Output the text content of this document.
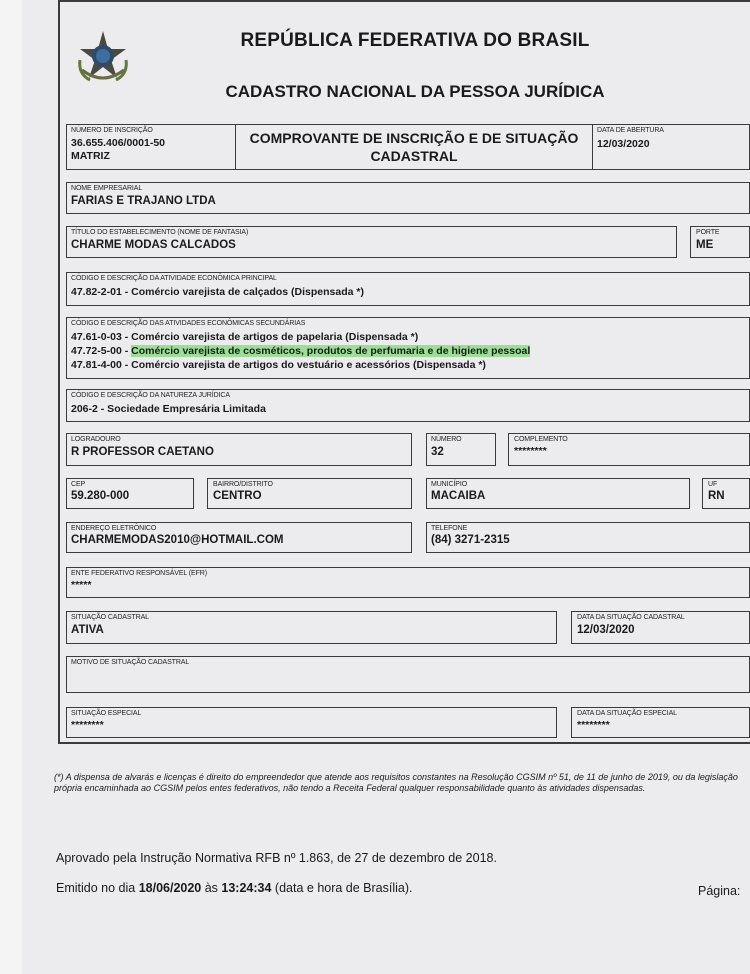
REPÚBLICA FEDERATIVA DO BRASIL
CADASTRO NACIONAL DA PESSOA JURÍDICA
NÚMERO DE INSCRIÇÃO
36.655.406/0001-50
MATRIZ
COMPROVANTE DE INSCRIÇÃO E DE SITUAÇÃO
CADASTRAL
DATA DE ABERTURA
12/03/2020
NOME EMPRESARIAL
FARIAS E TRAJANO LTDA
TÍTULO DO ESTABELECIMENTO (NOME DE FANTASIA)
CHARME MODAS CALCADOS
PORTE
ME
CÓDIGO E DESCRIÇÃO DA ATIVIDADE ECONÔMICA PRINCIPAL
47.82-2-01 - Comércio varejista de calçados (Dispensada *)
CÓDIGO E DESCRIÇÃO DAS ATIVIDADES ECONÔMICAS SECUNDÁRIAS
47.61-0-03 - Comércio varejista de artigos de papelaria (Dispensada *)
47.72-5-00 - Comércio varejista de cosméticos, produtos de perfumaria e de higiene pessoal
47.81-4-00 - Comércio varejista de artigos do vestuário e acessórios (Dispensada *)
CÓDIGO E DESCRIÇÃO DA NATUREZA JURÍDICA
206-2 - Sociedade Empresária Limitada
LOGRADOURO
R PROFESSOR CAETANO
NÚMERO
32
COMPLEMENTO
********
CEP
59.280-000
BAIRRO/DISTRITO
CENTRO
MUNICÍPIO
MACAIBA
UF
RN
ENDEREÇO ELETRÔNICO
CHARMEMODAS2010@HOTMAIL.COM
TELEFONE
(84) 3271-2315
ENTE FEDERATIVO RESPONSÁVEL (EFR)
*****
SITUAÇÃO CADASTRAL
ATIVA
DATA DA SITUAÇÃO CADASTRAL
12/03/2020
MOTIVO DE SITUAÇÃO CADASTRAL
SITUAÇÃO ESPECIAL
********
DATA DA SITUAÇÃO ESPECIAL
********
(*) A dispensa de alvarás e licenças é direito do empreendedor que atende aos requisitos constantes na Resolução CGSIM nº 51, de 11 de junho de 2019, ou da legislação própria encaminhada ao CGSIM pelos entes federativos, não tendo a Receita Federal qualquer responsabilidade quanto às atividades dispensadas.
Aprovado pela Instrução Normativa RFB nº 1.863, de 27 de dezembro de 2018.
Emitido no dia 18/06/2020 às 13:24:34 (data e hora de Brasília).	Página:
